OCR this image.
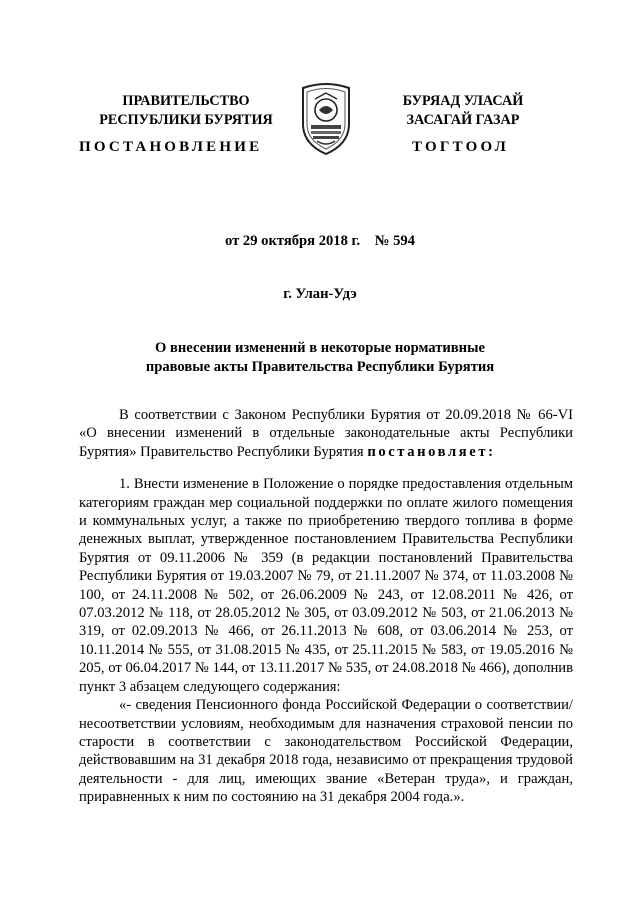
ПРАВИТЕЛЬСТВО
РЕСПУБЛИКИ БУРЯТИЯ
БУРЯАД УЛАСАЙ
ЗАСАГАЙ ГАЗАР
ПОСТАНОВЛЕНИЕ	ТОГТООЛ
от 29 октября 2018 г.    № 594
г. Улан-Удэ
О внесении изменений в некоторые нормативные
правовые акты Правительства Республики Бурятия

В соответствии с Законом Республики Бурятия от 20.09.2018 № 66-VI «О внесении изменений в отдельные законодательные акты Республики Бурятия» Правительство Республики Бурятия постановляет:

1. Внести изменение в Положение о порядке предоставления отдельным категориям граждан мер социальной поддержки по оплате жилого помещения и коммунальных услуг, а также по приобретению твердого топлива в форме денежных выплат, утвержденное постановлением Правительства Республики Бурятия от 09.11.2006 № 359 (в редакции постановлений Правительства Республики Бурятия от 19.03.2007 № 79, от 21.11.2007 № 374, от 11.03.2008 № 100, от 24.11.2008 № 502, от 26.06.2009 № 243, от 12.08.2011 № 426, от 07.03.2012 № 118, от 28.05.2012 № 305, от 03.09.2012 № 503, от 21.06.2013 № 319, от 02.09.2013 № 466, от 26.11.2013 № 608, от 03.06.2014 № 253, от 10.11.2014 № 555, от 31.08.2015 № 435, от 25.11.2015 № 583, от 19.05.2016 № 205, от 06.04.2017 № 144, от 13.11.2017 № 535, от 24.08.2018 № 466), дополнив пункт 3 абзацем следующего содержания:

«- сведения Пенсионного фонда Российской Федерации о соответствии/несоответствии условиям, необходимым для назначения страховой пенсии по старости в соответствии с законодательством Российской Федерации, действовавшим на 31 декабря 2018 года, независимо от прекращения трудовой деятельности - для лиц, имеющих звание «Ветеран труда», и граждан, приравненных к ним по состоянию на 31 декабря 2004 года.».
